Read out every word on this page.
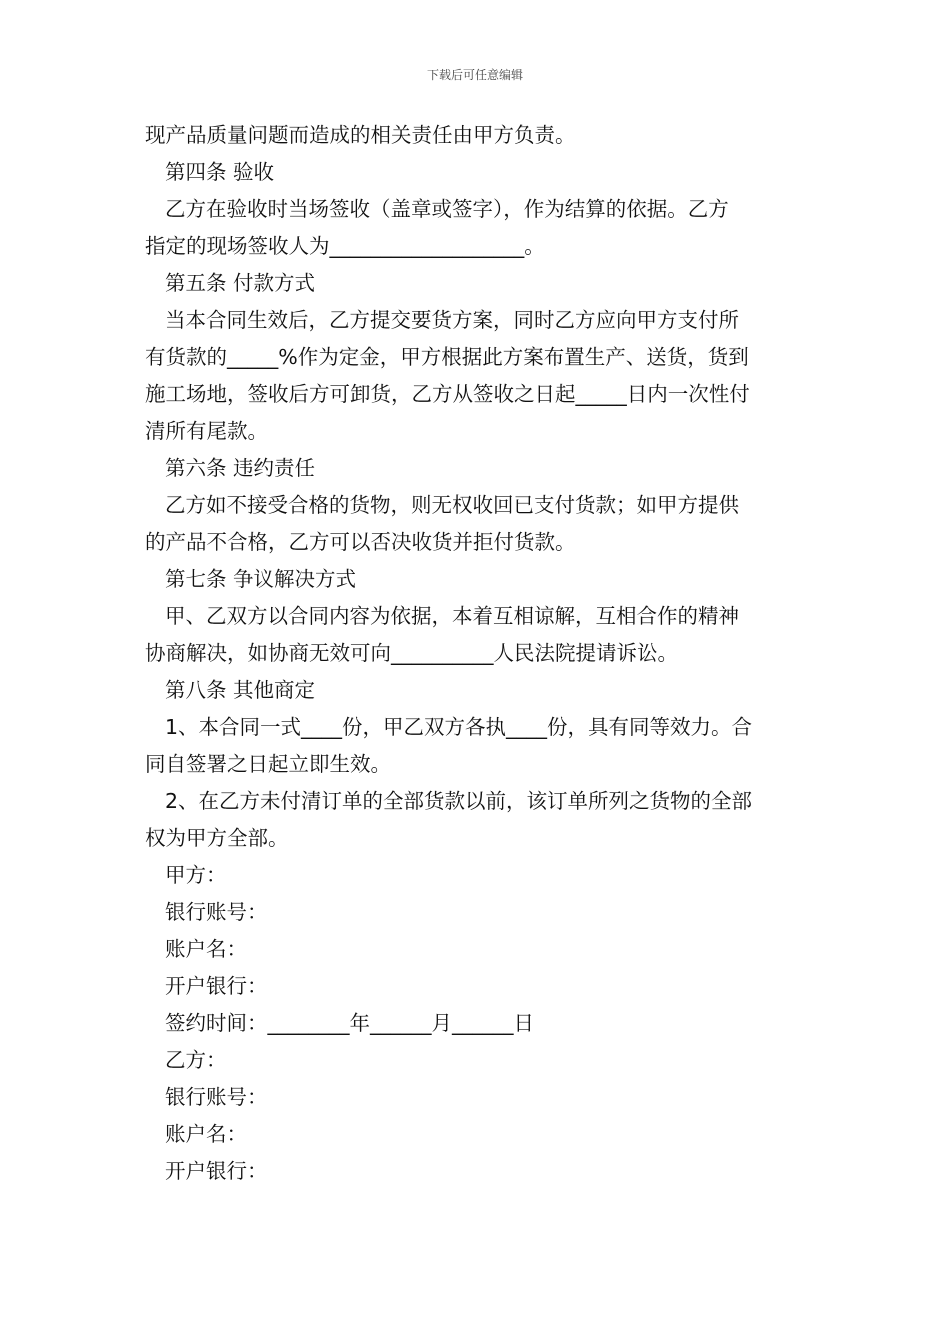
下载后可任意编辑
现产品质量问题而造成的相关责任由甲方负责。
第四条 验收
乙方在验收时当场签收（盖章或签字），作为结算的依据。乙方
指定的现场签收人为___________________。
第五条 付款方式
当本合同生效后，乙方提交要货方案，同时乙方应向甲方支付所
有货款的_____%作为定金，甲方根据此方案布置生产、送货，货到
施工场地，签收后方可卸货，乙方从签收之日起_____日内一次性付
清所有尾款。
第六条 违约责任
乙方如不接受合格的货物，则无权收回已支付货款；如甲方提供
的产品不合格，乙方可以否决收货并拒付货款。
第七条 争议解决方式
甲、乙双方以合同内容为依据，本着互相谅解，互相合作的精神
协商解决，如协商无效可向__________人民法院提请诉讼。
第八条 其他商定
1、本合同一式____份，甲乙双方各执____份，具有同等效力。合
同自签署之日起立即生效。
2、在乙方未付清订单的全部货款以前，该订单所列之货物的全部
权为甲方全部。
甲方：
银行账号：
账户名：
开户银行：
签约时间：________年______月______日
乙方：
银行账号：
账户名：
开户银行：
